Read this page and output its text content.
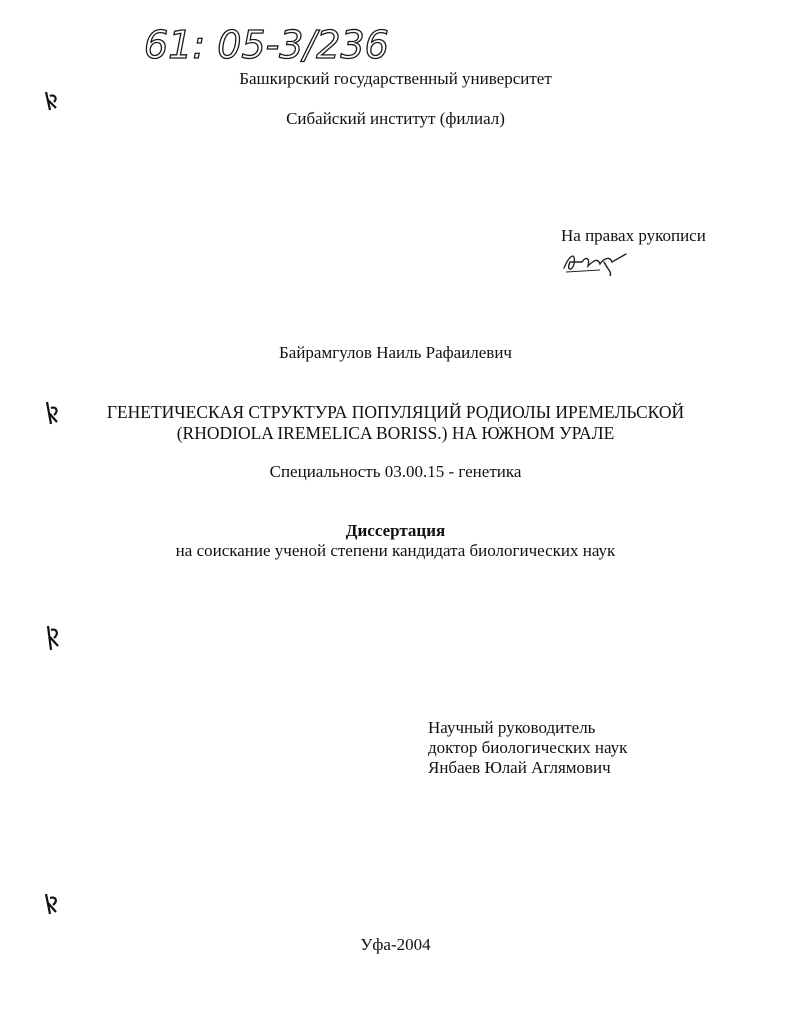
61: 05-3/236
Башкирский государственный университет
Сибайский институт (филиал)
На правах рукописи
Байрамгулов Наиль Рафаилевич
ГЕНЕТИЧЕСКАЯ СТРУКТУРА ПОПУЛЯЦИЙ РОДИОЛЫ ИРЕМЕЛЬСКОЙ
(RHODIOLA IREMELICA BORISS.) НА ЮЖНОМ УРАЛЕ
Специальность 03.00.15 - генетика
Диссертация
на соискание ученой степени кандидата биологических наук
Научный руководитель
доктор биологических наук
Янбаев Юлай Аглямович
Уфа-2004
